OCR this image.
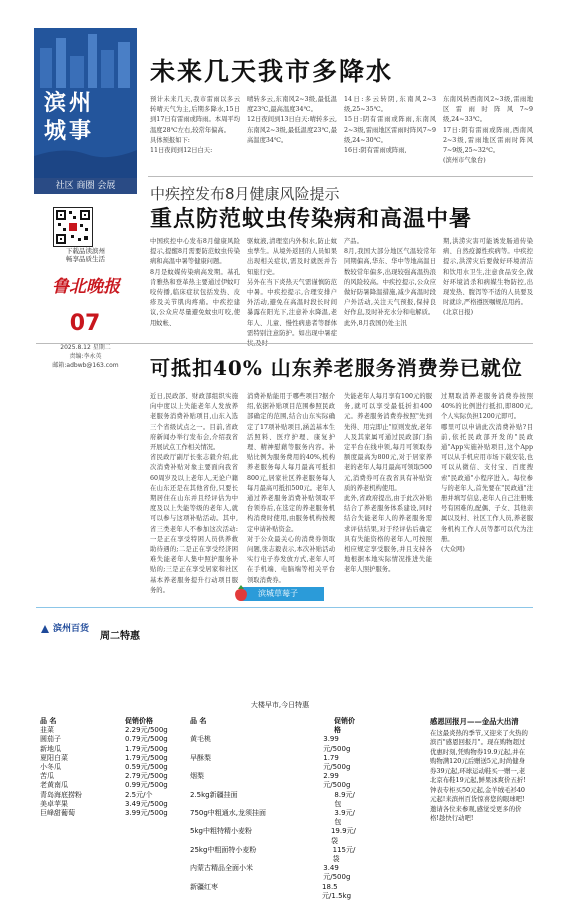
滨州
城事
社区 商圈 会展
下载品读滨州
畅享品质生活
鲁北晚报
07
2025.8.12 星期二
责编:李永英
邮箱:adbwb@163.com
未来几天我市多降水
预计未来几天,我市雷雨以多云转晴天气为主,后期多降水,15日到17日有雷雨或阵雨。本周平均温度28℃左右,较常年偏高。
具体预报如下:
11日夜间到12日白天:
晴转多云,东南风2~3级,最低温度23℃,最高温度34℃。
12日夜间到13日白天:晴转多云,东南风2~3级,最低温度23℃,最高温度34℃。
14日:多云转阴,东南风2~3级,25~35℃。
15日:阴有雷雨或阵雨,东南风2~3级,雷雨地区雷雨时阵风7~9级,24~30℃。
16日:阴有雷雨或阵雨,
东南风转西南风2~3级,雷雨地区雷雨时阵风7~9级,24~33℃。
17日:阴有雷雨或阵雨,西南风2~3级,雷雨地区雷雨时阵风7~9级,25~32℃。
(滨州市气象台)
中疾控发布8月健康风险提示
重点防范蚊虫传染病和高温中暑
中国疾控中心发布8月健康风险提示,提醒8月需要防范蚊虫传染病和高温中暑等健康问题。
8月是蚊媒传染病高发期。基孔肯雅热和登革热主要通过伊蚊叮咬传播,临床症状包括发热、皮疹及关节肌肉疼痛。中疾控建议,公众应尽量避免蚊虫叮咬,使用蚊帐、
驱蚊液,清理室内外积水,防止蚊虫孳生。从境外返回的人员如果出现相关症状,需及时就医并告知旅行史。
另外在当下炎热天气需谨慎防范中暑。中疾控提示,合理安排户外活动,避免在高温时段长时间暴露在阳光下,注意补水降温,老年人、儿童、慢性病患者等群体需特别注意防护。如出现中暑症
产品。
8月,我国大部分地区气温较常年同期偏高,华东、华中等地高温日数较常年偏多,出现较强高温热浪的风险较高。中疾控提示,公众应做好防暑降温措施,减少高温时段户外活动,关注天气预报,保持良好作息,及时补充水分和电解质。
此外,8月我国仍处主汛
期,洪涝灾害可能诱发肠道传染病、自然疫源性疾病等。中疾控提示,洪涝灾后要做好环境清洁和饮用水卫生,注意食品安全,做好环境消杀和病媒生物防控,出现发热、腹泻等不适的人员要及时就诊,严格遵医嘱规范用药。
(北京日报)
可抵扣40% 山东养老服务消费券已就位
近日,民政部、财政部组织实施向中度以上失能老年人发放养老服务消费补贴项目,山东入选三个省级试点之一。目前,省政府新闻办举行发布会,介绍我省开展试点工作相关情况。
省民政厅副厅长张志毅介绍,此次消费补贴对象主要面向我省60周岁及以上老年人,无论户籍在山东还是在其他省份,只要长期居住在山东并且经评估为中度及以上失能等级的老年人,就可以参与这项补贴活动。其中,省三类老年人不参加这次活动:一是正在享受特困人员供养救助待遇的;二是正在享受经济困难失能老年人集中照护服务补贴的;三是正在享受居家和社区基本养老服务提升行动项目服务的。
消费补贴能用于哪些项目?据介绍,依据补贴项目范围参照民政部确定的范围,结合山东实际确定了17项补贴项目,涵盖基本生活照料、医疗护理、康复护理、精神慰藉等服务内容。补贴比例为服务费用的40%,机构养老服务每人每月最高可抵扣800元,居家社区养老服务每人每月最高可抵扣500元。老年人通过养老服务消费补贴领取平台领券后,在选定的养老服务机构消费时使用,由服务机构按规定申请补贴资金。
对于公众最关心的消费券领取问题,张志毅表示,本次补贴活动实行电子券发放方式,老年人可在手机端、电脑端等相关平台领取消费券。
失能老年人每月享有100元的服务,就可以享受最低折扣400元。养老服务消费券按照"先到先得、用完即止"原则发放,老年人及其家属可通过民政部门指定平台在线申领,每月可领取券额度最高为800元,对于居家养老的老年人每月最高可领取500元,消费券可在我省具有补贴资质的养老机构使用。
此外,省政府提出,由于此次补贴结合了养老服务体系建设,同时结合失能老年人的养老服务需求评估结果,对于经评估后确定具有失能资格的老年人,可按照相应规定享受服务,并且支持各地根据本地实际情况推进失能老年人照护服务。
过期取消养老服务消费券按照40%的比例进行抵扣,即800元,个人实际负担1200元即可。
哪里可以申请此次消费补贴?目前,依托民政部开发的"民政通"App实施补贴项目,这个App可以从手机应用市场下载安装,也可以从微信、支付宝、百度搜索"民政通"小程序进入。每位参与的老年人,首先要在"民政通"注册并填写信息,老年人自己注册账号有困难的,配偶、子女、其他亲属以及村、社区工作人员,养老服务机构工作人员等都可以代为注册。
(大众网)
滨城草莓子
滨州百货
周二特惠
大楼早市,今日特惠
品 名	促销价格
韭菜	2.29元/500g
圆茄子	0.79元/500g
新地瓜	1.79元/500g
夏阳白菜	1.79元/500g
小冬瓜	0.59元/500g
苦瓜	2.79元/500g
老黄南瓜	0.99元/500g
青岛海底捞粉	2.5元/个
美卓苹果	3.49元/500g
巨峰甜葡萄	3.99元/500g
品 名	促销价格
黄毛桃	3.99元/500g
早酥梨	1.79元/500g
烟梨	2.99元/500g
2.5kg新疆挂面	8.9元/包
750g中粗通水,龙须挂面	3.9元/包
5kg中粗特精小麦粉	19.9元/袋
25kg中粗面特小麦粉	115元/袋
内蒙古精品全面小米	3.49元/500g
新疆红枣	18.5元/1.5kg
感恩回报月——金品大出清
在这最炎热的季节,又迎来了火热的滨百"感恩回报月"。现在购物超过优惠时刻,凭购物券19.9元起,并在购物满120元后赠送5元,时尚健身券39元起,环球运动鞋买一赠一,老北京布鞋19元起,鲜果冰爽价五折!钟表专柜买50元起,金羊绒毛衫40元起!来滨州百货惊喜您的眼球吧!邀请各位来参观,感觉受更多的价格!趁快行动吧!
